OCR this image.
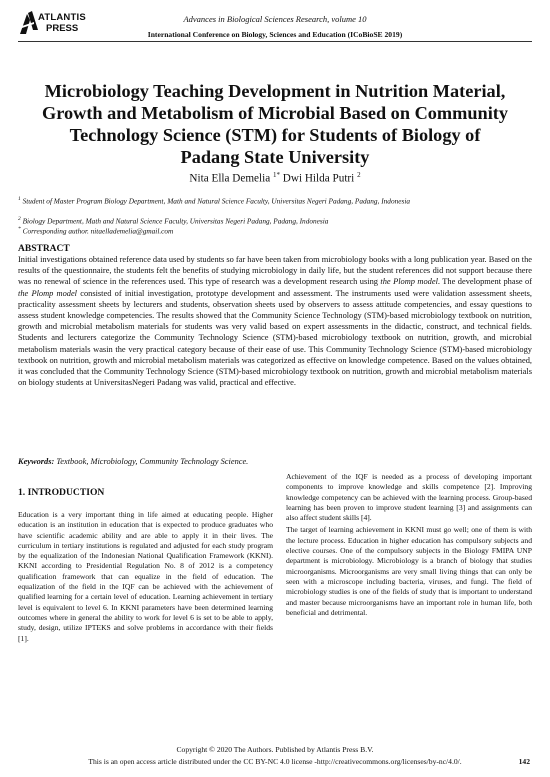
ATLANTIS
PRESS
Advances in Biological Sciences Research, volume 10
International Conference on Biology, Sciences and Education (ICoBioSE 2019)
Microbiology Teaching Development in Nutrition Material, Growth and Metabolism of Microbial Based on Community Technology Science (STM) for Students of Biology of Padang State University
Nita Ella Demelia $^{1*}$ Dwi Hilda Putri $^2$
$^1$ Student of Master Program Biology Department, Math and Natural Science Faculty, Universitas Negeri Padang, Padang, Indonesia
$^2$ Biology Department, Math and Natural Science Faculty, Universitas Negeri Padang, Padang, Indonesia
* Corresponding author. nitaellademelia@gmail.com
ABSTRACT
Initial investigations obtained reference data used by students so far have been taken from microbiology books with a long publication year. Based on the results of the questionnaire, the students felt the benefits of studying microbiology in daily life, but the student references did not support because there was no renewal of science in the references used. This type of research was a development research using the Plomp model. The development phase of the Plomp model consisted of initial investigation, prototype development and assessment. The instruments used were validation assessment sheets, practicality assessment sheets by lecturers and students, observation sheets used by observers to assess attitude competencies, and essay questions to assess student knowledge competencies. The results showed that the Community Science Technology (STM)-based microbiology textbook on nutrition, growth and microbial metabolism materials for students was very valid based on expert assessments in the didactic, construct, and technical fields. Students and lecturers categorize the Community Technology Science (STM)-based microbiology textbook on nutrition, growth, and microbial metabolism materials wasin the very practical category because of their ease of use. This Community Technology Science (STM)-based microbiology textbook on nutrition, growth and microbial metabolism materials was categorized as effective on knowledge competence. Based on the values obtained, it was concluded that the Community Technology Science (STM)-based microbiology textbook on nutrition, growth and microbial metabolism materials on biology students at UniversitasNegeri Padang was valid, practical and effective.
Keywords: Textbook, Microbiology, Community Technology Science.
1. INTRODUCTION

Education is a very important thing in life aimed at educating people. Higher education is an institution in education that is expected to produce graduates who have scientific academic ability and are able to apply it in their lives. The curriculum in tertiary institutions is regulated and adjusted for each study program by the equalization of the Indonesian National Qualification Framework (KKNI). KKNI according to Presidential Regulation No. 8 of 2012 is a competency qualification framework that can equalize in the field of education. The equalization of the field in the IQF can be achieved with the achievement of qualified learning for a certain level of education. Learning achievement in tertiary level is equivalent to level 6. In KKNI parameters have been determined learning outcomes where in general the ability to work for level 6 is set to be able to apply, study, design, utilize IPTEKS and solve problems in accordance with their fields [1].

Achievement of the IQF is needed as a process of developing important components to improve knowledge and skills competence [2]. Improving knowledge competency can be achieved with the learning process. Group-based learning has been proven to improve student learning [3] and assignments can also affect student skills [4].

The target of learning achievement in KKNI must go well; one of them is with the lecture process. Education in higher education has compulsory subjects and elective courses. One of the compulsory subjects in the Biology FMIPA UNP department is microbiology. Microbiology is a branch of biology that studies microorganisms. Microorganisms are very small living things that can only be seen with a microscope including bacteria, viruses, and fungi. The field of microbiology studies is one of the fields of study that is important to understand and master because microorganisms have an important role in human life, both beneficial and detrimental.

Copyright © 2020 The Authors. Published by Atlantis Press B.V.
This is an open access article distributed under the CC BY-NC 4.0 license -http://creativecommons.org/licenses/by-nc/4.0/.	142
